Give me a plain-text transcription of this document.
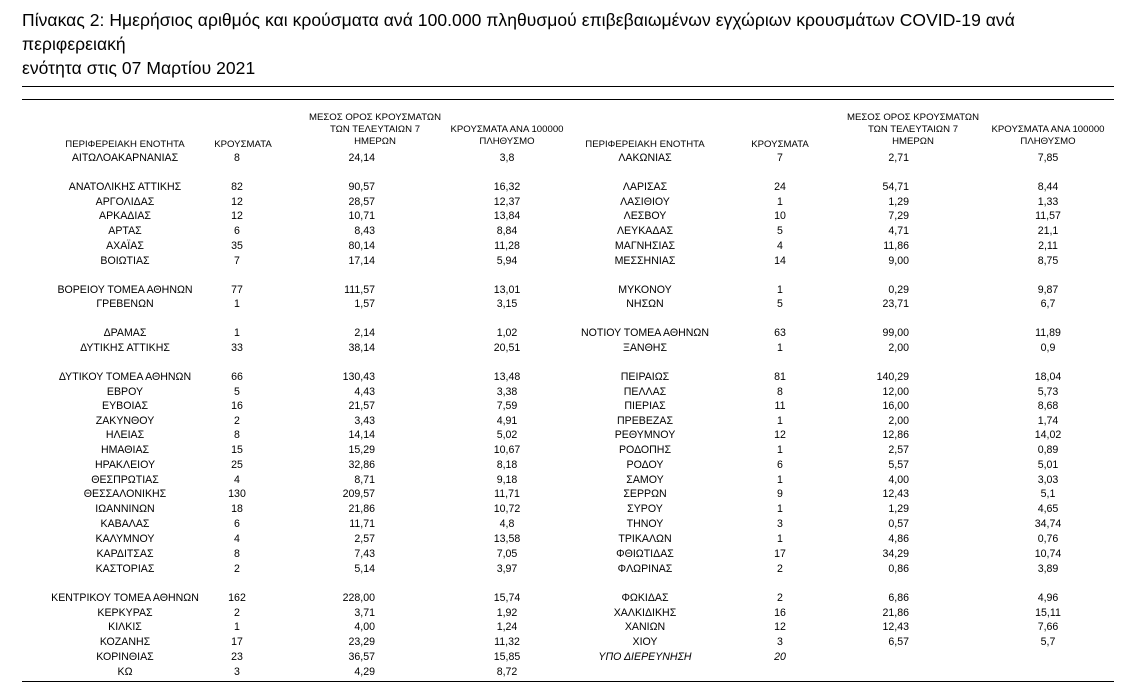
Πίνακας 2: Ημερήσιος αριθμός και κρούσματα ανά 100.000 πληθυσμού επιβεβαιωμένων εγχώριων κρουσμάτων COVID-19 ανά περιφερειακή
ενότητα στις 07 Μαρτίου 2021
ΠΕΡΙΦΕΡΕΙΑΚΗ ΕΝΟΤΗΤΑ	ΚΡΟΥΣΜΑΤΑ
ΜΕΣΟΣ ΟΡΟΣ ΚΡΟΥΣΜΑΤΩΝ
ΤΩΝ ΤΕΛΕΥΤΑΙΩΝ 7
ΗΜΕΡΩΝ
ΚΡΟΥΣΜΑΤΑ ΑΝΑ 100000
ΠΛΗΘΥΣΜΟ	ΠΕΡΙΦΕΡΕΙΑΚΗ ΕΝΟΤΗΤΑ	ΚΡΟΥΣΜΑΤΑ
ΜΕΣΟΣ ΟΡΟΣ ΚΡΟΥΣΜΑΤΩΝ
ΤΩΝ ΤΕΛΕΥΤΑΙΩΝ 7
ΗΜΕΡΩΝ
ΚΡΟΥΣΜΑΤΑ ΑΝΑ 100000
ΠΛΗΘΥΣΜΟ
ΑΙΤΩΛΟΑΚΑΡΝΑΝΙΑΣ	8	24,14	3,8
ΑΝΑΤΟΛΙΚΗΣ ΑΤΤΙΚΗΣ	82	90,57	16,32
ΑΡΓΟΛΙΔΑΣ	12	28,57	12,37
ΑΡΚΑΔΙΑΣ	12	10,71	13,84
ΑΡΤΑΣ	6	8,43	8,84
ΑΧΑΪΑΣ	35	80,14	11,28
ΒΟΙΩΤΙΑΣ	7	17,14	5,94
ΒΟΡΕΙΟΥ ΤΟΜΕΑ ΑΘΗΝΩΝ	77	111,57	13,01
ΓΡΕΒΕΝΩΝ	1	1,57	3,15
ΔΡΑΜΑΣ	1	2,14	1,02
ΔΥΤΙΚΗΣ ΑΤΤΙΚΗΣ	33	38,14	20,51
ΔΥΤΙΚΟΥ ΤΟΜΕΑ ΑΘΗΝΩΝ	66	130,43	13,48
ΕΒΡΟΥ	5	4,43	3,38
ΕΥΒΟΙΑΣ	16	21,57	7,59
ΖΑΚΥΝΘΟΥ	2	3,43	4,91
ΗΛΕΙΑΣ	8	14,14	5,02
ΗΜΑΘΙΑΣ	15	15,29	10,67
ΗΡΑΚΛΕΙΟΥ	25	32,86	8,18
ΘΕΣΠΡΩΤΙΑΣ	4	8,71	9,18
ΘΕΣΣΑΛΟΝΙΚΗΣ	130	209,57	11,71
ΙΩΑΝΝΙΝΩΝ	18	21,86	10,72
ΚΑΒΑΛΑΣ	6	11,71	4,8
ΚΑΛΥΜΝΟΥ	4	2,57	13,58
ΚΑΡΔΙΤΣΑΣ	8	7,43	7,05
ΚΑΣΤΟΡΙΑΣ	2	5,14	3,97
ΚΕΝΤΡΙΚΟΥ ΤΟΜΕΑ ΑΘΗΝΩΝ	162	228,00	15,74
ΚΕΡΚΥΡΑΣ	2	3,71	1,92
ΚΙΛΚΙΣ	1	4,00	1,24
ΚΟΖΑΝΗΣ	17	23,29	11,32
ΚΟΡΙΝΘΙΑΣ	23	36,57	15,85
ΚΩ	3	4,29	8,72
ΛΑΚΩΝΙΑΣ	7	2,71	7,85
ΛΑΡΙΣΑΣ	24	54,71	8,44
ΛΑΣΙΘΙΟΥ	1	1,29	1,33
ΛΕΣΒΟΥ	10	7,29	11,57
ΛΕΥΚΑΔΑΣ	5	4,71	21,1
ΜΑΓΝΗΣΙΑΣ	4	11,86	2,11
ΜΕΣΣΗΝΙΑΣ	14	9,00	8,75
ΜΥΚΟΝΟΥ	1	0,29	9,87
ΝΗΣΩΝ	5	23,71	6,7
ΝΟΤΙΟΥ ΤΟΜΕΑ ΑΘΗΝΩΝ	63	99,00	11,89
ΞΑΝΘΗΣ	1	2,00	0,9
ΠΕΙΡΑΙΩΣ	81	140,29	18,04
ΠΕΛΛΑΣ	8	12,00	5,73
ΠΙΕΡΙΑΣ	11	16,00	8,68
ΠΡΕΒΕΖΑΣ	1	2,00	1,74
ΡΕΘΥΜΝΟΥ	12	12,86	14,02
ΡΟΔΟΠΗΣ	1	2,57	0,89
ΡΟΔΟΥ	6	5,57	5,01
ΣΑΜΟΥ	1	4,00	3,03
ΣΕΡΡΩΝ	9	12,43	5,1
ΣΥΡΟΥ	1	1,29	4,65
ΤΗΝΟΥ	3	0,57	34,74
ΤΡΙΚΑΛΩΝ	1	4,86	0,76
ΦΘΙΩΤΙΔΑΣ	17	34,29	10,74
ΦΛΩΡΙΝΑΣ	2	0,86	3,89
ΦΩΚΙΔΑΣ	2	6,86	4,96
ΧΑΛΚΙΔΙΚΗΣ	16	21,86	15,11
ΧΑΝΙΩΝ	12	12,43	7,66
ΧΙΟΥ	3	6,57	5,7
ΥΠΟ ΔΙΕΡΕΥΝΗΣΗ	20
